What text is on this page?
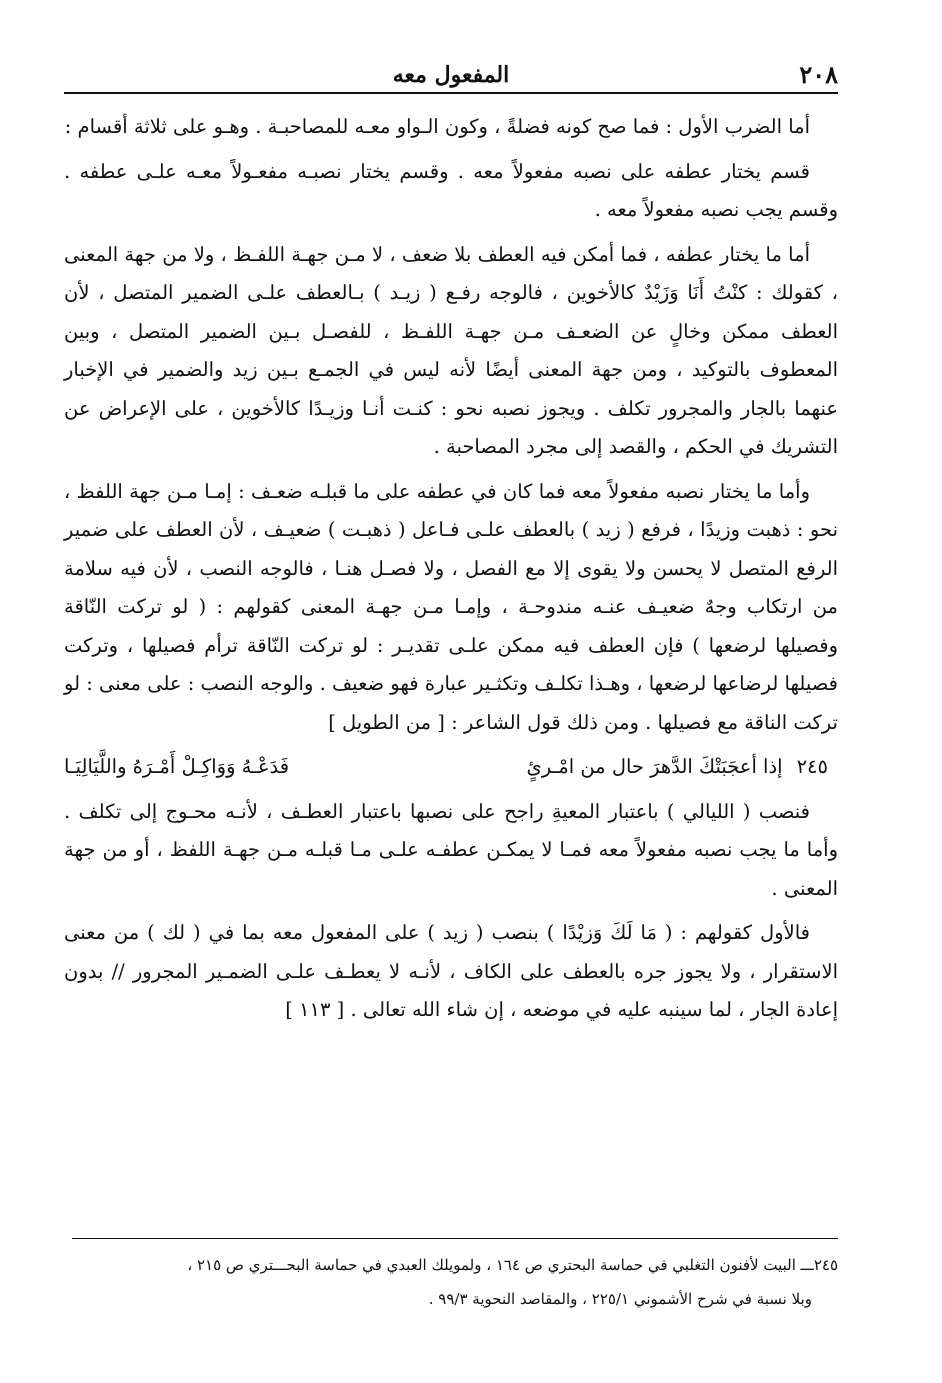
٢٠٨
المفعول معه

أما الضرب الأول : فما صح كونه فضلةً ، وكون الـواو معـه للمصاحبـة . وهـو على ثلاثة أقسام :

قسم يختار عطفه على نصبه مفعولاً معه . وقسم يختار نصبـه مفعـولاً معـه علـى عطفه . وقسم يجب نصبه مفعولاً معه .

أما ما يختار عطفه ، فما أمكن فيه العطف بلا ضعف ، لا مـن جهـة اللفـظ ، ولا من جهة المعنى ، كقولك : كنْتُ أَنَا وَزَيْدٌ كالأخوين ، فالوجه رفـع ( زيـد ) بـالعطف علـى الضمير المتصل ، لأن العطف ممكن وخالٍ عن الضعـف مـن جهـة اللفـظ ، للفصـل بـين الضمير المتصل ، وبين المعطوف بالتوكيد ، ومن جهة المعنى أيضًا لأنه ليس في الجمـع بـين زيد والضمير في الإخبار عنهما بالجار والمجرور تكلف . ويجوز نصبه نحو : كنـت أنـا وزيـدًا كالأخوين ، على الإعراض عن التشريك في الحكم ، والقصد إلى مجرد المصاحبة .

وأما ما يختار نصبه مفعولاً معه فما كان في عطفه على ما قبلـه ضعـف : إمـا مـن جهة اللفظ ، نحو : ذهبت وزيدًا ، فرفع ( زيد ) بالعطف علـى فـاعل ( ذهبـت ) ضعيـف ، لأن العطف على ضمير الرفع المتصل لا يحسن ولا يقوى إلا مع الفصل ، ولا فصـل هنـا ، فالوجه النصب ، لأن فيه سلامة من ارتكاب وجهٌ ضعيـف عنـه مندوحـة ، وإمـا مـن جهـة المعنى كقولهم : ( لو تركت النّاقة وفصيلها لرضعها ) فإن العطف فيه ممكن علـى تقديـر : لو تركت النّاقة ترأم فصيلها ، وتركت فصيلها لرضاعها لرضعها ، وهـذا تكلـف وتكثـير عبارة فهو ضعيف . والوجه النصب : على معنى : لو تركت الناقة مع فصيلها . ومن ذلك قول الشاعر : [ من الطويل ]

٢٤٥
إذا أعجَبَتْكَ الدَّهرَ حال من امْـرئٍ
فَدَعْـهُ وَوَاكِـلْ أَمْـرَهُ واللَّيَالِيَـا

فنصب ( الليالي ) باعتبار المعيةِ راجح على نصبها باعتبار العطـف ، لأنـه محـوج إلى تكلف . وأما ما يجب نصبه مفعولاً معه فمـا لا يمكـن عطفـه علـى مـا قبلـه مـن جهـة اللفظ ، أو من جهة المعنى .

فالأول كقولهم : ( مَا لَكَ وَزيْدًا ) بنصب ( زيد ) على المفعول معه بما في ( لك ) من معنى الاستقرار ، ولا يجوز جره بالعطف على الكاف ، لأنـه لا يعطـف علـى الضمـير المجرور // بدون إعادة الجار ، لما سينبه عليه في موضعه ، إن شاء الله تعالى . [ ١١٣ ]

٢٤٥ـــ البيت لأفنون التغلبي في حماسة البحتري ص ١٦٤ ، ولمويلك العبدي في حماسة البحـــتري ص ٢١٥ ،

وبلا نسبة في شرح الأشموني ٢٢٥/١ ، والمقاصد النحوية ٩٩/٣ .
